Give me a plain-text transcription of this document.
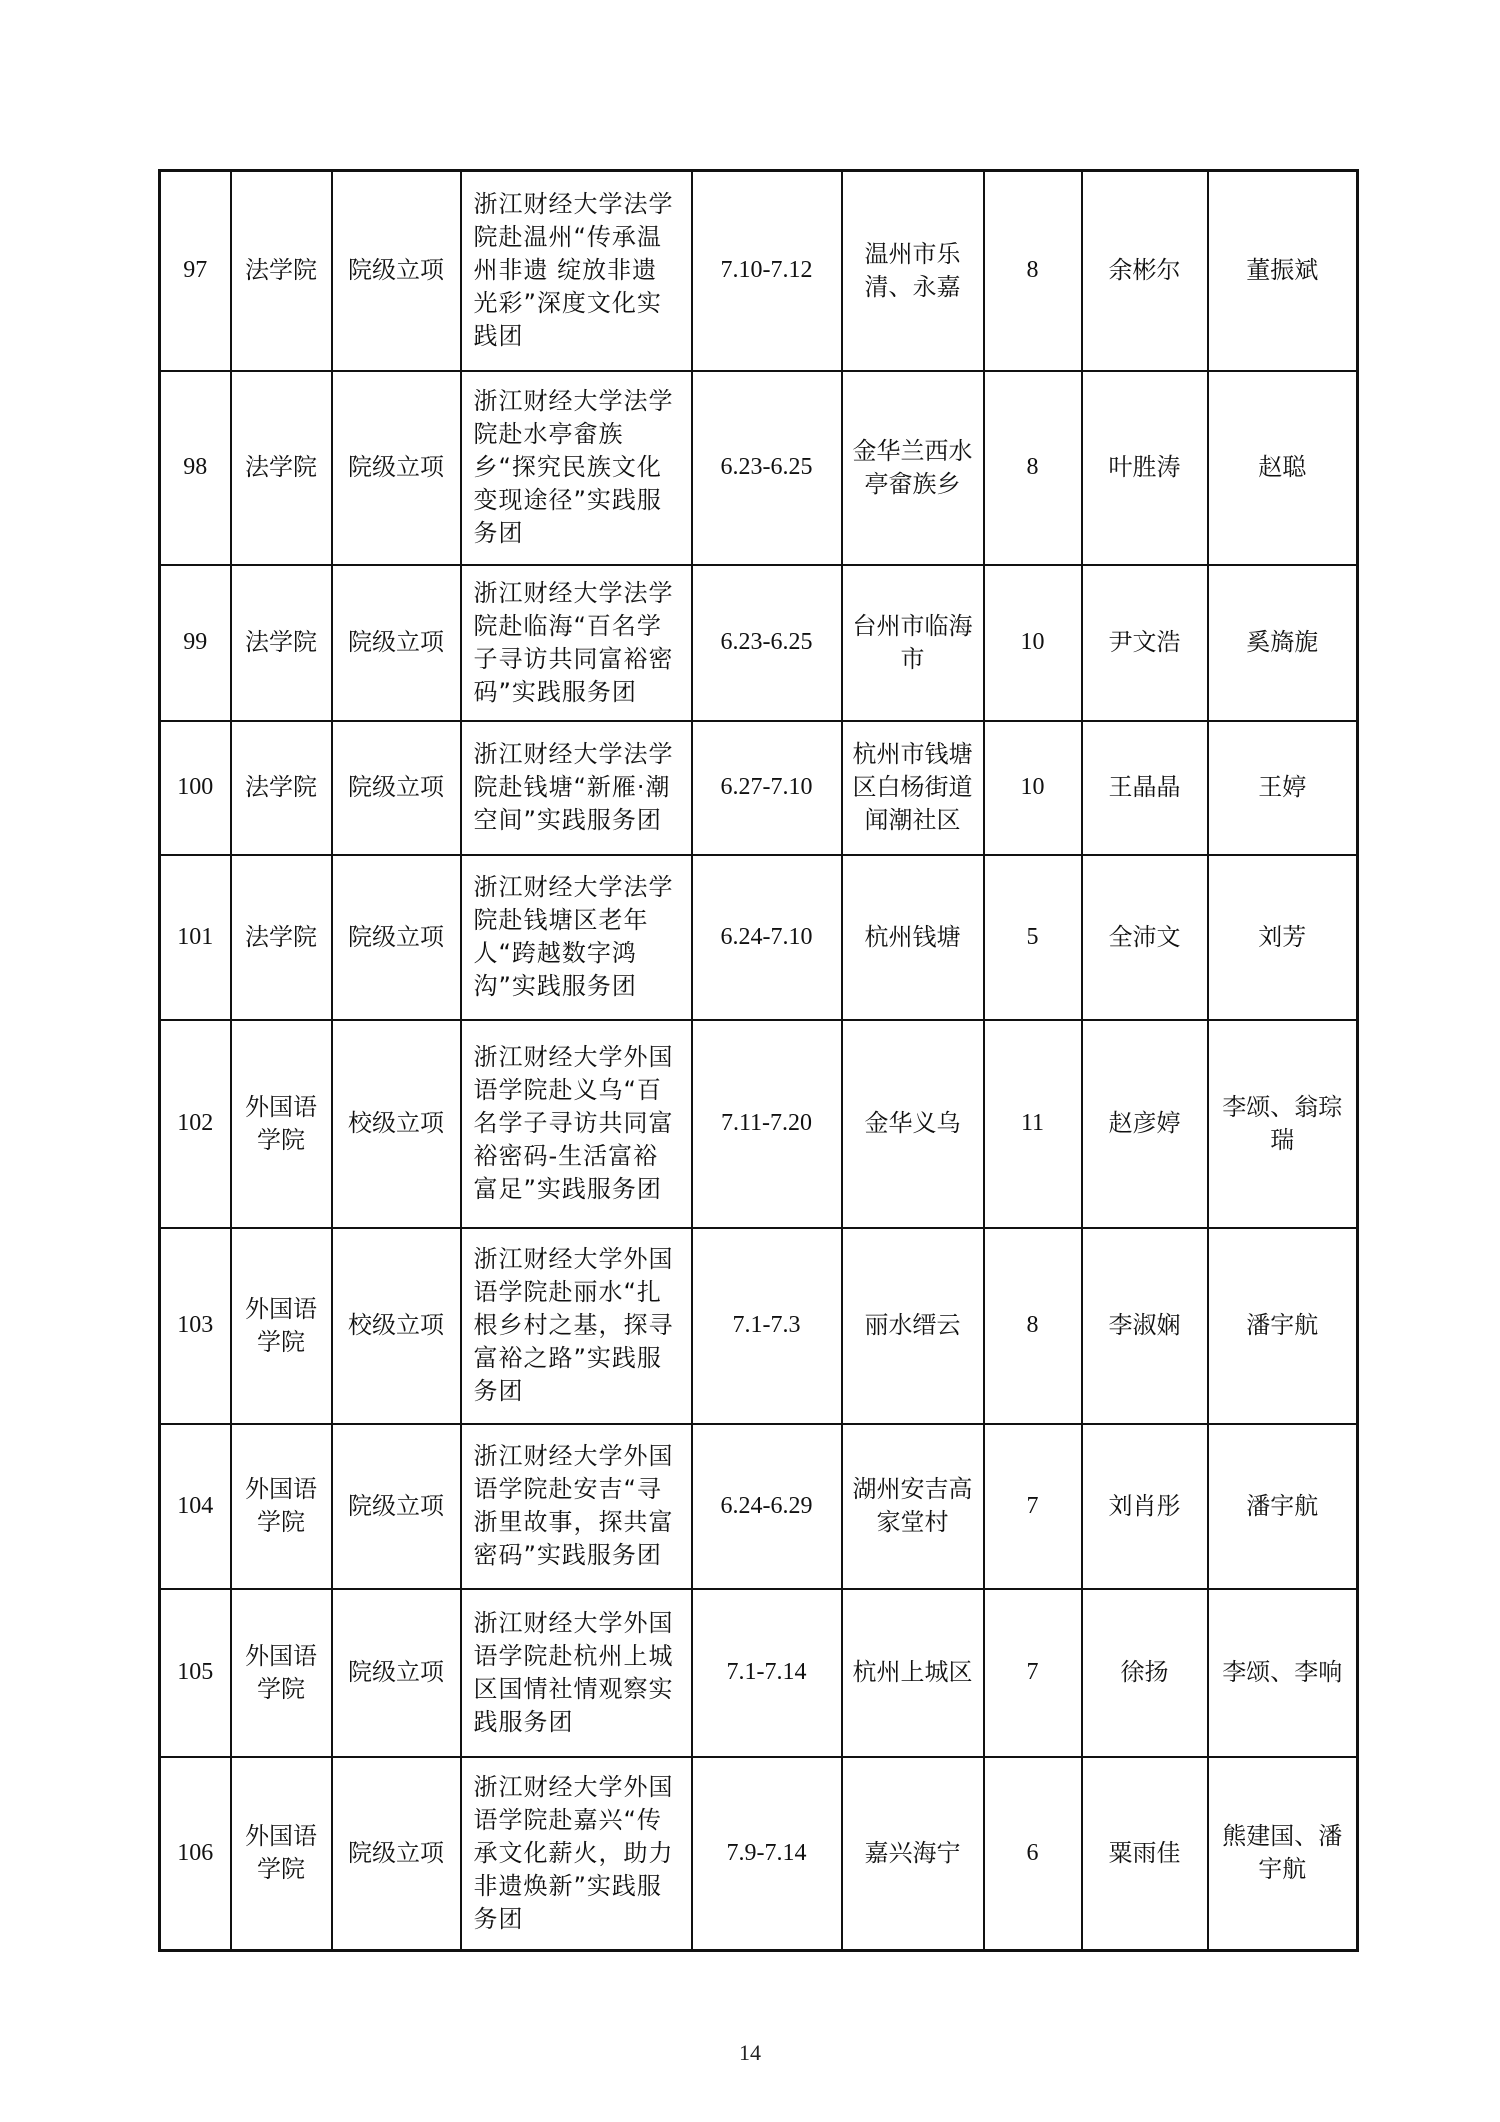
97	法学院	院级立项	浙江财经大学法学院赴温州“传承温州非遗 绽放非遗光彩”深度文化实践团	7.10-7.12	温州市乐清、永嘉	8	余彬尔	董振斌

98	法学院	院级立项	浙江财经大学法学院赴水亭畲族乡“探究民族文化变现途径”实践服务团	6.23-6.25	金华兰西水亭畲族乡	8	叶胜涛	赵聪

99	法学院	院级立项	浙江财经大学法学院赴临海“百名学子寻访共同富裕密码”实践服务团	6.23-6.25	台州市临海市	10	尹文浩	奚旖旎

100	法学院	院级立项	浙江财经大学法学院赴钱塘“新雁·潮空间”实践服务团	6.27-7.10	杭州市钱塘区白杨街道闻潮社区	10	王晶晶	王婷

101	法学院	院级立项	浙江财经大学法学院赴钱塘区老年人“跨越数字鸿沟”实践服务团	6.24-7.10	杭州钱塘	5	全沛文	刘芳

102	外国语学院	校级立项	浙江财经大学外国语学院赴义乌“百名学子寻访共同富裕密码-生活富裕富足”实践服务团	7.11-7.20	金华义乌	11	赵彦婷	李颂、翁琮瑞

103	外国语学院	校级立项	浙江财经大学外国语学院赴丽水“扎根乡村之基，探寻富裕之路”实践服务团	7.1-7.3	丽水缙云	8	李淑娴	潘宇航

104	外国语学院	院级立项	浙江财经大学外国语学院赴安吉“寻浙里故事，探共富密码”实践服务团	6.24-6.29	湖州安吉高家堂村	7	刘肖彤	潘宇航

105	外国语学院	院级立项	浙江财经大学外国语学院赴杭州上城区国情社情观察实践服务团	7.1-7.14	杭州上城区	7	徐扬	李颂、李响

106	外国语学院	院级立项	浙江财经大学外国语学院赴嘉兴“传承文化薪火，助力非遗焕新”实践服务团	7.9-7.14	嘉兴海宁	6	粟雨佳	熊建国、潘宇航
14
